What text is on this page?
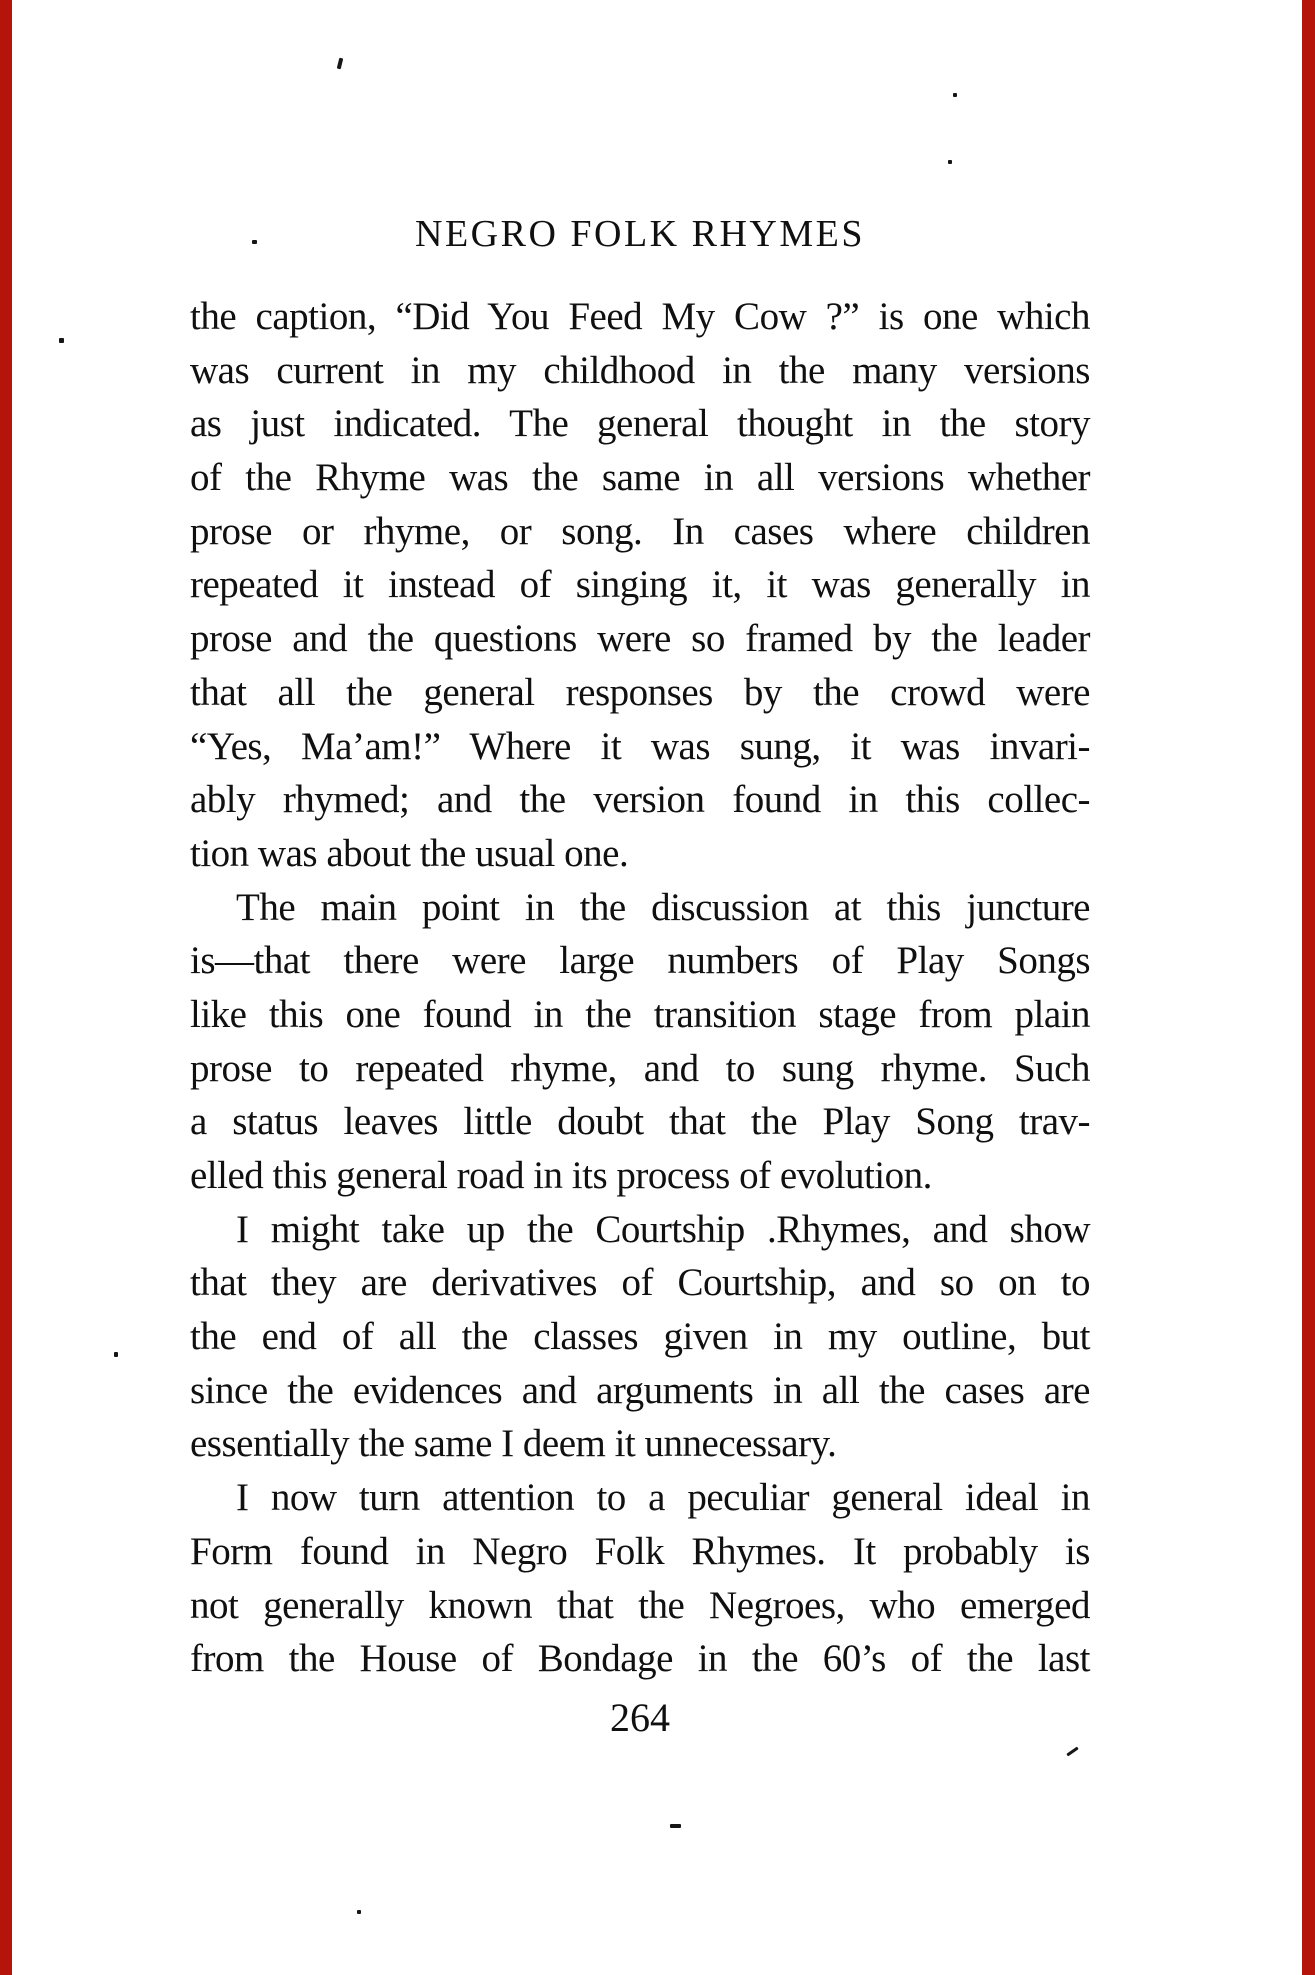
NEGRO FOLK RHYMES
the caption, “Did You Feed My Cow ?” is one which
was current in my childhood in the many versions
as just indicated. The general thought in the story
of the Rhyme was the same in all versions whether
prose or rhyme, or song. In cases where children
repeated it instead of singing it, it was generally in
prose and the questions were so framed by the leader
that all the general responses by the crowd were
“Yes, Ma’am!” Where it was sung, it was invari-
ably rhymed; and the version found in this collec-
tion was about the usual one.
The main point in the discussion at this juncture
is—that there were large numbers of Play Songs
like this one found in the transition stage from plain
prose to repeated rhyme, and to sung rhyme. Such
a status leaves little doubt that the Play Song trav-
elled this general road in its process of evolution.
I might take up the Courtship .Rhymes, and show
that they are derivatives of Courtship, and so on to
the end of all the classes given in my outline, but
since the evidences and arguments in all the cases are
essentially the same I deem it unnecessary.
I now turn attention to a peculiar general ideal in
Form found in Negro Folk Rhymes. It probably is
not generally known that the Negroes, who emerged
from the House of Bondage in the 60’s of the last
264
